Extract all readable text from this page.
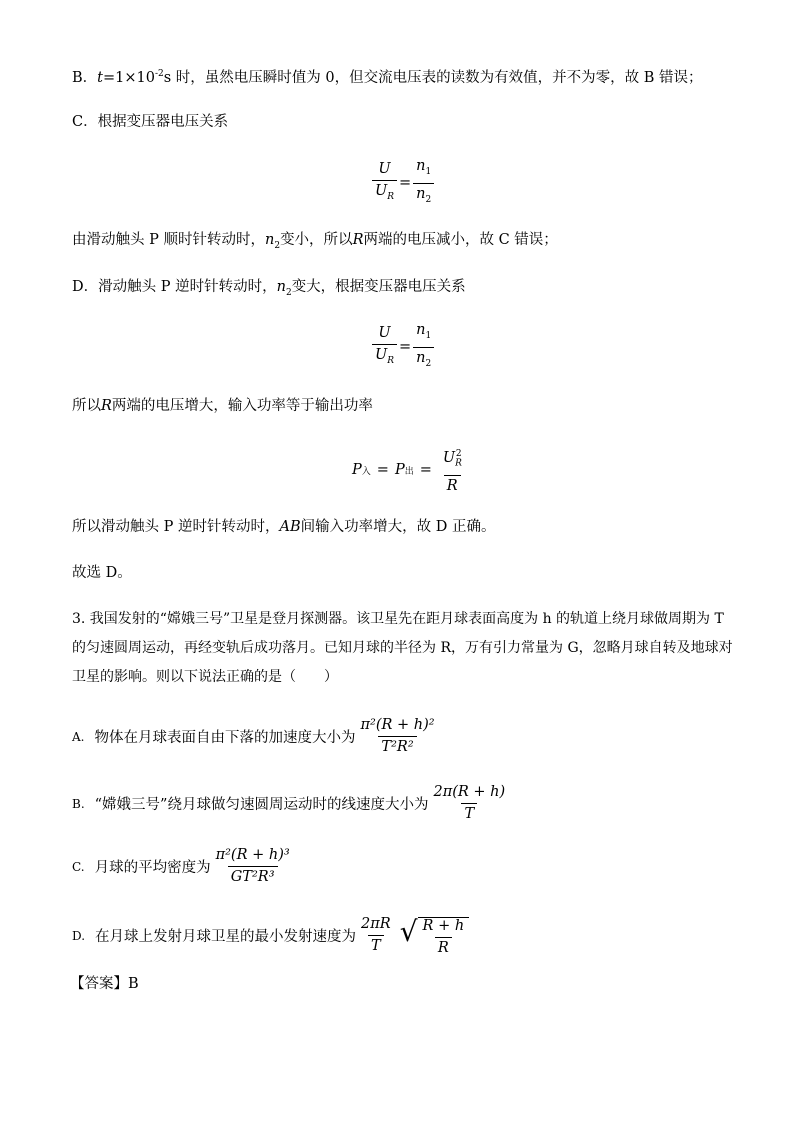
B．$t=1\times 10^{-2}s$ 时，虽然电压瞬时值为 0，但交流电压表的读数为有效值，并不为零，故 B 错误；
C．根据变压器电压关系
$\frac{U}{U_R} = \frac{n_1}{n_2}$
由滑动触头 P 顺时针转动时，$n_2$变小，所以R两端的电压减小，故 C 错误；
D．滑动触头 P 逆时针转动时，$n_2$变大，根据变压器电压关系
$\frac{U}{U_R} = \frac{n_1}{n_2}$
所以R两端的电压增大，输入功率等于输出功率
P 入 = P 出 = $\frac{U_R^2}{R}$
所以滑动触头 P 逆时针转动时，AB间输入功率增大，故 D 正确。
故选 D。
3. 我国发射的“嫦娥三号”卫星是登月探测器。该卫星先在距月球表面高度为 h 的轨道上绕月球做周期为 T
的匀速圆周运动，再经变轨后成功落月。已知月球的半径为 R，万有引力常量为 G，忽略月球自转及地球对
卫星的影响。则以下说法正确的是（　　）
A. 物体在月球表面自由下落的加速度大小为 $\frac{\text{π²(R + h)²}}{\text{T²R²}}$
B. “嫦娥三号”绕月球做匀速圆周运动时的线速度大小为 $\frac{2\pi(R + h)}{T}$
C. 月球的平均密度为 $\frac{\text{π²(R + h)³}}{\text{GT²R³}}$
D. 在月球上发射月球卫星的最小发射速度为 $\frac{2\pi R}{T}$ √ $\frac{R + h}{R}$
【答案】B
